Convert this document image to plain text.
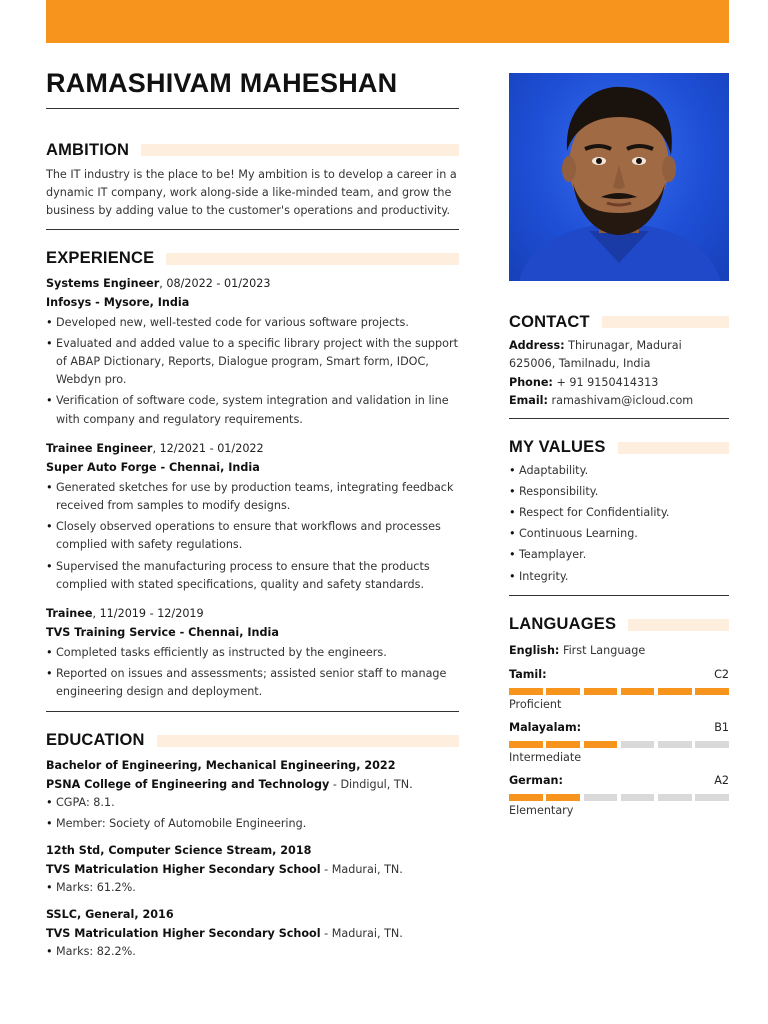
RAMASHIVAM MAHESHAN
AMBITION

The IT industry is the place to be! My ambition is to develop a career in a dynamic IT company, work along-side a like-minded team, and grow the business by adding value to the customer's operations and productivity.

EXPERIENCE
Systems Engineer, 08/2022 - 01/2023
Infosys - Mysore, India
• Developed new, well-tested code for various software projects.
• Evaluated and added value to a specific library project with the support of ABAP Dictionary, Reports, Dialogue program, Smart form, IDOC, Webdyn pro.
• Verification of software code, system integration and validation in line with company and regulatory requirements.
Trainee Engineer, 12/2021 - 01/2022
Super Auto Forge - Chennai, India
• Generated sketches for use by production teams, integrating feedback received from samples to modify designs.
• Closely observed operations to ensure that workflows and processes complied with safety regulations.
• Supervised the manufacturing process to ensure that the products complied with stated specifications, quality and safety standards.
Trainee, 11/2019 - 12/2019
TVS Training Service - Chennai, India
• Completed tasks efficiently as instructed by the engineers.
• Reported on issues and assessments; assisted senior staff to manage engineering design and deployment.
EDUCATION
Bachelor of Engineering, Mechanical Engineering, 2022
PSNA College of Engineering and Technology - Dindigul, TN.
• CGPA: 8.1.
• Member: Society of Automobile Engineering.
12th Std, Computer Science Stream, 2018
TVS Matriculation Higher Secondary School - Madurai, TN.
• Marks: 61.2%.
SSLC, General, 2016
TVS Matriculation Higher Secondary School - Madurai, TN.
• Marks: 82.2%.
CONTACT
Address: Thirunagar, Madurai 625006, Tamilnadu, India
Phone: + 91 9150414313
Email: ramashivam@icloud.com
MY VALUES
• Adaptability.
• Responsibility.
• Respect for Confidentiality.
• Continuous Learning.
• Teamplayer.
• Integrity.
LANGUAGES
English: First Language
Tamil:	C2
Proficient
Malayalam:	B1
Intermediate
German:	A2
Elementary
